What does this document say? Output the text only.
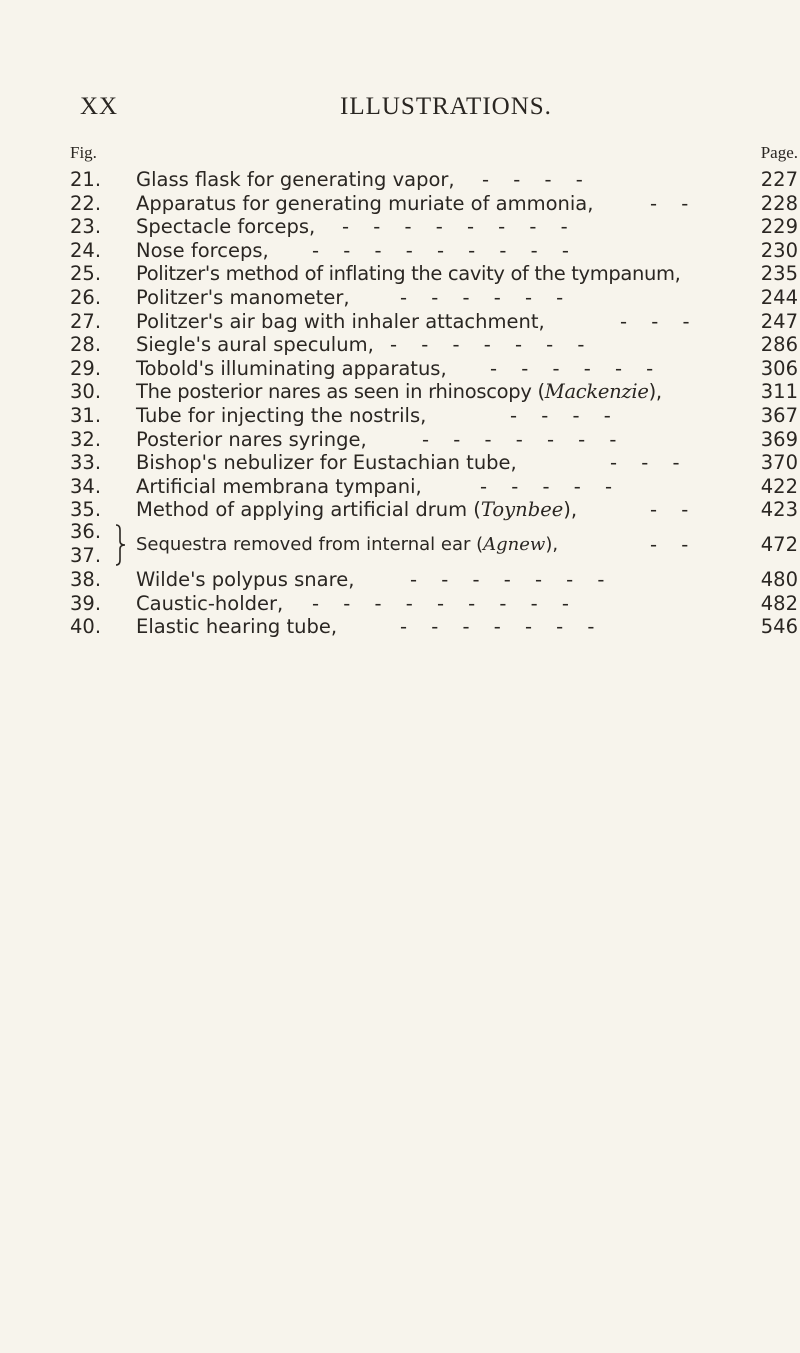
XX	ILLUSTRATIONS.
Fig.	Page.
21.	Glass flask for generating vapor, - - - -	227
22.	Apparatus for generating muriate of ammonia,	- -	228
23.	Spectacle forceps, - - - - - - - -	229
24.	Nose forceps, - - - - - - - - -	230
25.	Politzer's method of inflating the cavity of the tympanum,	235
26.	Politzer's manometer,	- - - - - -	244
27.	Politzer's air bag with inhaler attachment,	- - -	247
28.	Siegle's aural speculum, - - - - - - -	286
29.	Tobold's illuminating apparatus, - - - - - -	306
30.	The posterior nares as seen in rhinoscopy (Mackenzie),	311
31.	Tube for injecting the nostrils,	- - - -	367
32.	Posterior nares syringe,	- - - - - - -	369
33.	Bishop's nebulizer for Eustachian tube,	- - -	370
34.	Artificial membrana tympani,	- - - - -	422
35.	Method of applying artificial drum (Toynbee),	- -	423
36.
37. Sequestra removed from internal ear (Agnew),	- -	472
38.	Wilde's polypus snare,	- - - - - - -	480
39.	Caustic-holder, - - - - - - - - -	482
40.	Elastic hearing tube,	- - - - - - -	546
